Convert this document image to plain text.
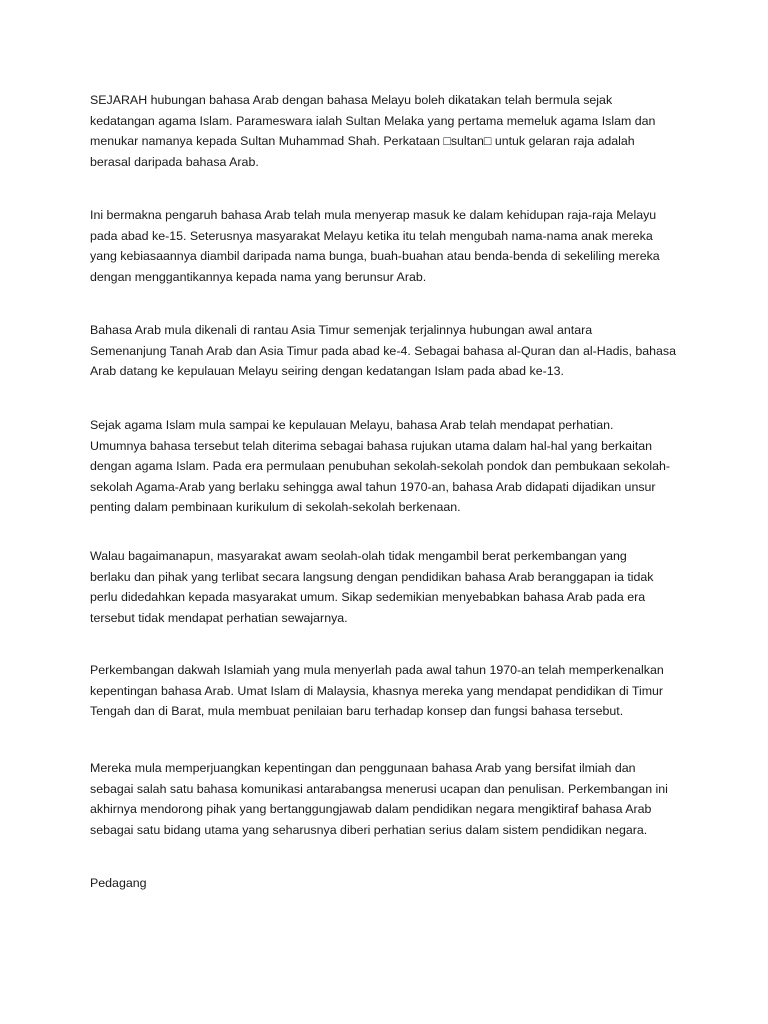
SEJARAH hubungan bahasa Arab dengan bahasa Melayu boleh dikatakan telah bermula sejak
kedatangan agama Islam. Parameswara ialah Sultan Melaka yang pertama memeluk agama Islam dan
menukar namanya kepada Sultan Muhammad Shah. Perkataan □sultan□ untuk gelaran raja adalah
berasal daripada bahasa Arab.

Ini bermakna pengaruh bahasa Arab telah mula menyerap masuk ke dalam kehidupan raja-raja Melayu
pada abad ke-15. Seterusnya masyarakat Melayu ketika itu telah mengubah nama-nama anak mereka
yang kebiasaannya diambil daripada nama bunga, buah-buahan atau benda-benda di sekeliling mereka
dengan menggantikannya kepada nama yang berunsur Arab.

Bahasa Arab mula dikenali di rantau Asia Timur semenjak terjalinnya hubungan awal antara
Semenanjung Tanah Arab dan Asia Timur pada abad ke-4. Sebagai bahasa al-Quran dan al-Hadis, bahasa
Arab datang ke kepulauan Melayu seiring dengan kedatangan Islam pada abad ke-13.

Sejak agama Islam mula sampai ke kepulauan Melayu, bahasa Arab telah mendapat perhatian.
Umumnya bahasa tersebut telah diterima sebagai bahasa rujukan utama dalam hal-hal yang berkaitan
dengan agama Islam. Pada era permulaan penubuhan sekolah-sekolah pondok dan pembukaan sekolah-
sekolah Agama-Arab yang berlaku sehingga awal tahun 1970-an, bahasa Arab didapati dijadikan unsur
penting dalam pembinaan kurikulum di sekolah-sekolah berkenaan.

Walau bagaimanapun, masyarakat awam seolah-olah tidak mengambil berat perkembangan yang
berlaku dan pihak yang terlibat secara langsung dengan pendidikan bahasa Arab beranggapan ia tidak
perlu didedahkan kepada masyarakat umum. Sikap sedemikian menyebabkan bahasa Arab pada era
tersebut tidak mendapat perhatian sewajarnya.

Perkembangan dakwah Islamiah yang mula menyerlah pada awal tahun 1970-an telah memperkenalkan
kepentingan bahasa Arab. Umat Islam di Malaysia, khasnya mereka yang mendapat pendidikan di Timur
Tengah dan di Barat, mula membuat penilaian baru terhadap konsep dan fungsi bahasa tersebut.

Mereka mula memperjuangkan kepentingan dan penggunaan bahasa Arab yang bersifat ilmiah dan
sebagai salah satu bahasa komunikasi antarabangsa menerusi ucapan dan penulisan. Perkembangan ini
akhirnya mendorong pihak yang bertanggungjawab dalam pendidikan negara mengiktiraf bahasa Arab
sebagai satu bidang utama yang seharusnya diberi perhatian serius dalam sistem pendidikan negara.

Pedagang
